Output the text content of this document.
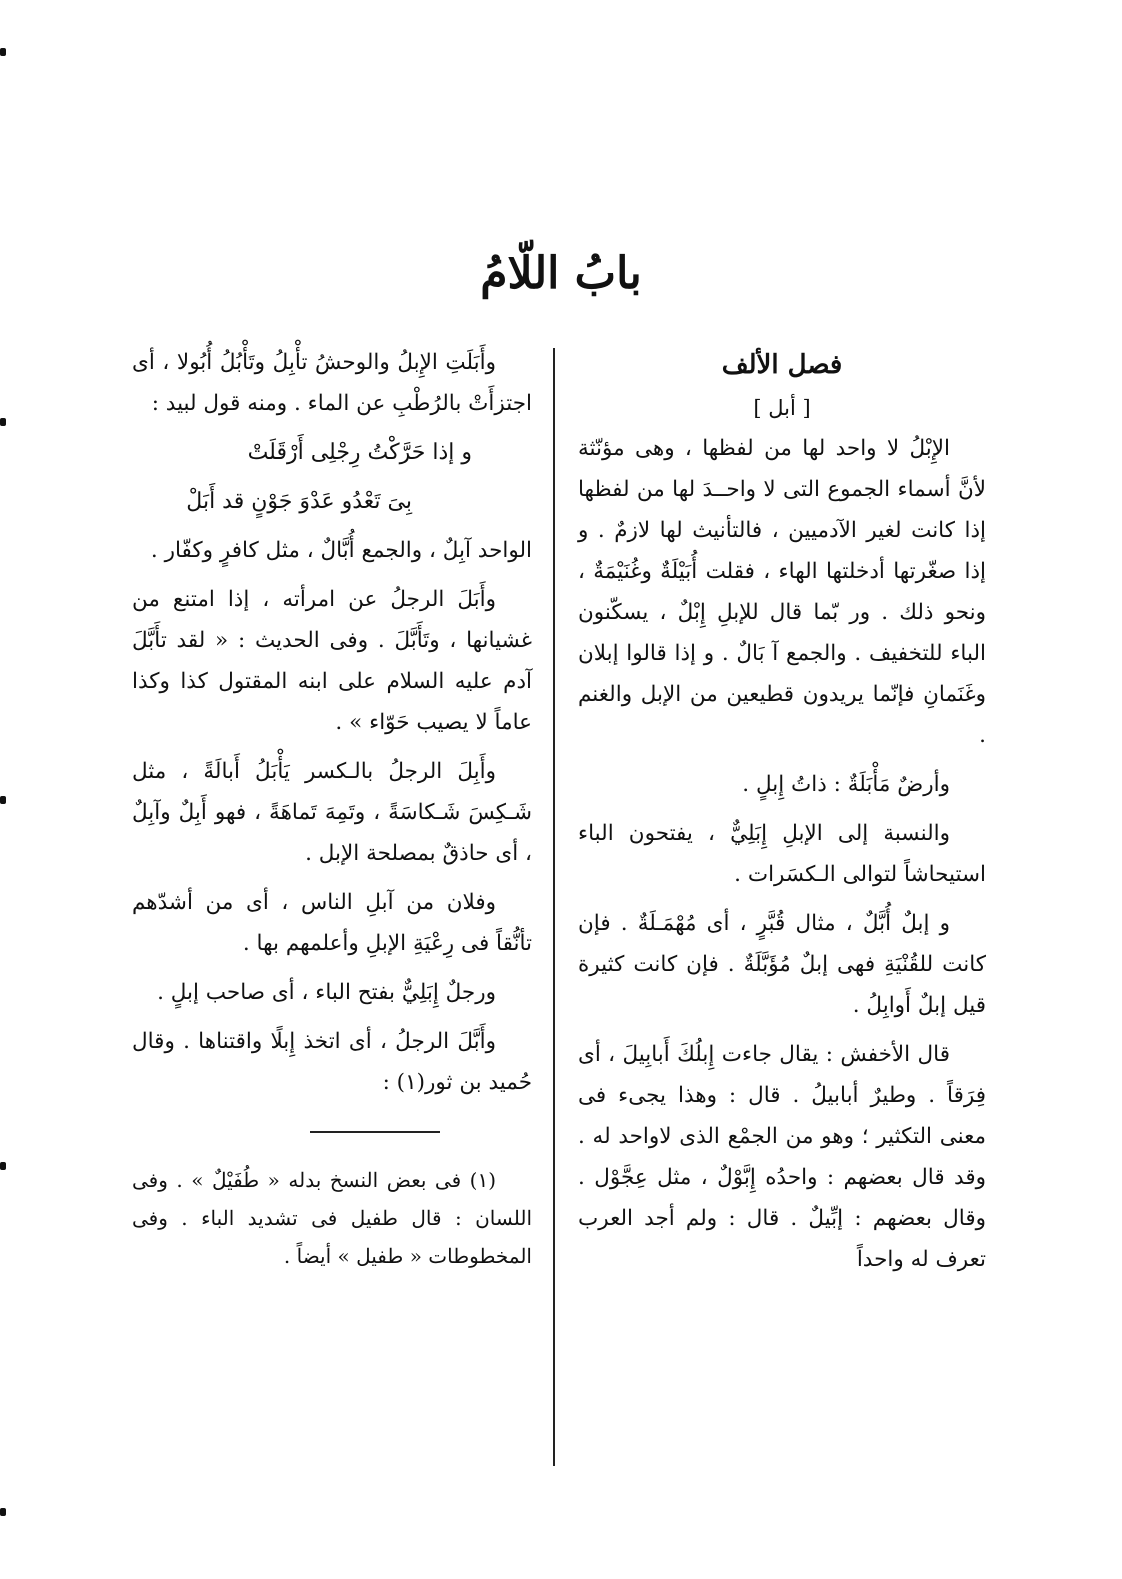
بابُ اللّامُ
فصل الألف
[ أبل ]

الإِبْلُ لا واحد لها من لفظها ، وهى مؤنّثة لأنَّ أسماء الجموع التى لا واحــدَ لها من لفظها إذا كانت لغير الآدميين ، فالتأنيث لها لازمٌ . و إذا صغّرتها أدخلتها الهاء ، فقلت أُبَيْلَةٌ وغُنَيْمَةٌ ، ونحو ذلك . ور بّما قال للإبلِ إِبْلٌ ، يسكّنون الباء للتخفيف . والجمع آ بَالٌ . و إذا قالوا إبلان وغَنَمانِ فإنّما يريدون قطيعين من الإبل والغنم .

وأرضٌ مَأْبَلَةٌ : ذاتُ إِبلٍ .

والنسبة إلى الإبلِ إِبَلِيٌّ ، يفتحون الباء استيحاشاً لتوالى الـكسَرات .

و إبلٌ أُبَّلٌ ، مثال قُبَّرٍ ، أى مُهْمَـلَةٌ . فإن كانت للقُنْيَةِ فهى إبلٌ مُؤَبَّلَةٌ . فإن كانت كثيرة قيل إبلٌ أَوابِلُ .

قال الأخفش : يقال جاءت إِبلُكَ أَبابِيلَ ، أى فِرَقاً . وطيرٌ أبابيلُ . قال : وهذا يجىء فى معنى التكثير ؛ وهو من الجمْع الذى لاواحد له . وقد قال بعضهم : واحدُه إِبَّوْلٌ ، مثل عِجَّوْل . وقال بعضهم : إبِّيلٌ . قال : ولم أجد العرب تعرف له واحداً

وأَبَلَتِ الإِبلُ والوحشُ تأْبِلُ وتَأْبُلُ أُبُولا ، أى اجتزأَتْ بالرُطْبِ عن الماء . ومنه قول لبيد :

و إذا حَرَّكْتُ رِجْلِى أَرْقَلَتْ

بِىَ تَعْدُو عَدْوَ جَوْنٍ قد أَبَلْ

الواحد آبِلٌ ، والجمع أُبَّالٌ ، مثل كافرٍ وكفّار .

وأَبَلَ الرجلُ عن امرأته ، إذا امتنع من غشيانها ، وتَأَبَّلَ . وفى الحديث : « لقد تأَبَّلَ آدم عليه السلام على ابنه المقتول كذا وكذا عاماً لا يصيب حَوّاء » .

وأَبِلَ الرجلُ بالـكسر يَأْبَلُ أَبالَةً ، مثل شَـكِسَ شَـكاسَةً ، وتَمِهَ تَماهَةً ، فهو أَبِلٌ وآبِلٌ ، أى حاذقٌ بمصلحة الإبل .

وفلان من آبلِ الناس ، أى من أشدّهم تأنُّقاً فى رِعْيَةِ الإبلِ وأعلمهم بها .

ورجلٌ إِبَلِيٌّ بفتح الباء ، أى صاحب إبلٍ .

وأَبَّلَ الرجلُ ، أى اتخذ إِبلًا واقتناها . وقال حُميد بن ثور(١) :

(١) فى بعض النسخ بدله « طُفَيْلٌ » . وفى اللسان : قال طفيل فى تشديد الباء . وفى المخطوطات « طفيل » أيضاً .
